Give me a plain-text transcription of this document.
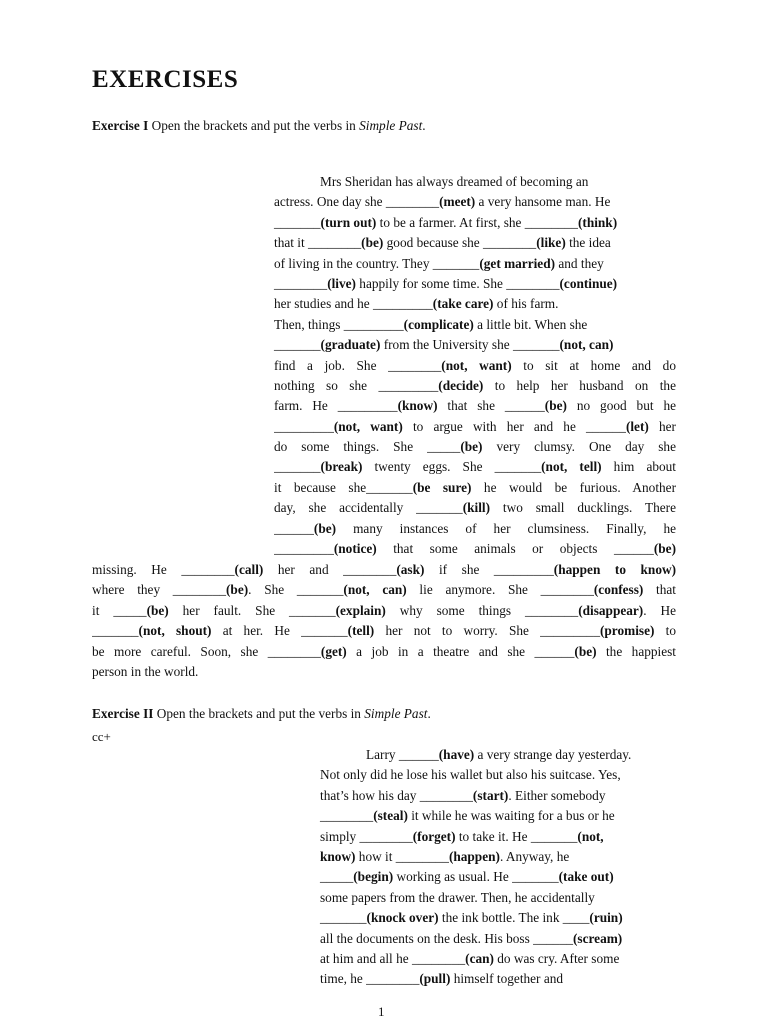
EXERCISES

Exercise I Open the brackets and put the verbs in Simple Past.

Mrs Sheridan has always dreamed of becoming an
actress. One day she ________(meet) a very hansome man. He
_______(turn out) to be a farmer. At first, she ________(think)
that it ________(be) good because she ________(like) the idea
of living in the country. They _______(get married) and they
________(live) happily for some time. She ________(continue)
her studies and he _________(take care) of his farm.
Then, things _________(complicate) a little bit. When she
_______(graduate) from the University she _______(not, can)
find a job. She ________(not, want) to sit at home and do
nothing so she _________(decide) to help her husband on the
farm. He _________(know) that she ______(be) no good but he
_________(not, want) to argue with her and he ______(let) her
do some things. She _____(be) very clumsy. One day she
_______(break) twenty eggs. She _______(not, tell) him about
it because she_______(be sure) he would be furious. Another
day, she accidentally _______(kill) two small ducklings. There
______(be) many instances of her clumsiness. Finally, he
_________(notice) that some animals or objects ______(be)
missing. He ________(call) her and ________(ask) if she _________(happen to know)
where they ________(be). She _______(not, can) lie anymore. She ________(confess) that
it _____(be) her fault. She _______(explain) why some things ________(disappear). He
_______(not, shout) at her. He _______(tell) her not to worry. She _________(promise) to
be more careful. Soon, she ________(get) a job in a theatre and she ______(be) the happiest
person in the world.

Exercise II Open the brackets and put the verbs in Simple Past.

cc+

Larry ______(have) a very strange day yesterday.
Not only did he lose his wallet but also his suitcase. Yes,
that’s how his day ________(start). Either somebody
________(steal) it while he was waiting for a bus or he
simply ________(forget) to take it. He _______(not,
know) how it ________(happen). Anyway, he
_____(begin) working as usual. He _______(take out)
some papers from the drawer. Then, he accidentally
_______(knock over) the ink bottle. The ink ____(ruin)
all the documents on the desk. His boss ______(scream)
at him and all he ________(can) do was cry. After some
time, he ________(pull) himself together and
1
